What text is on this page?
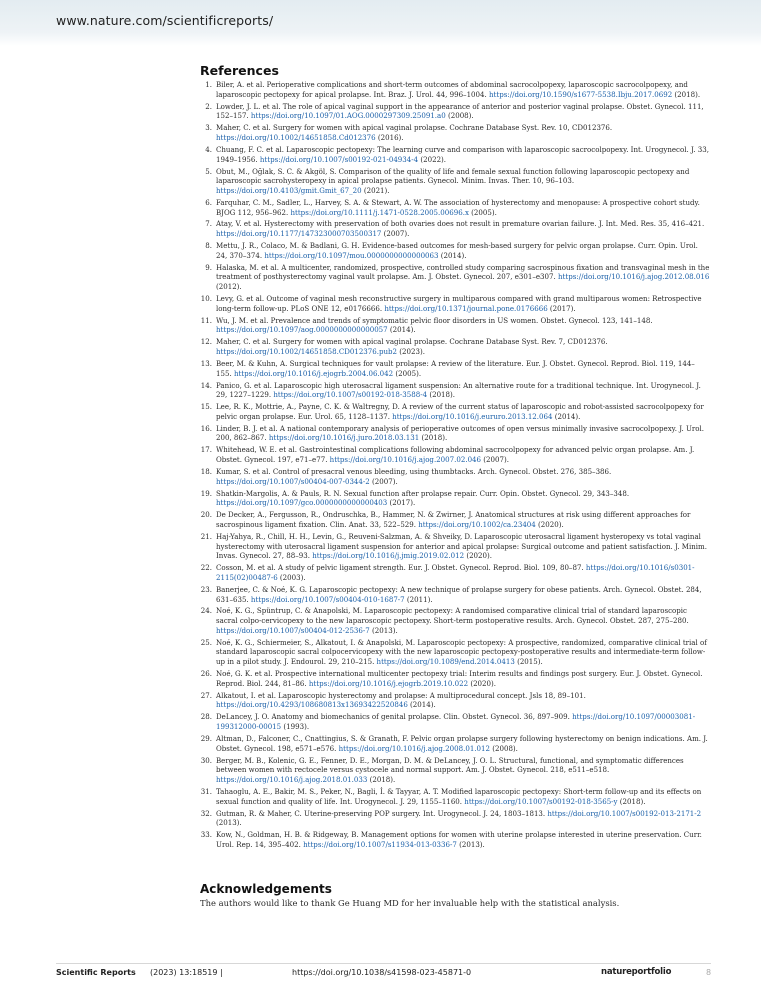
www.nature.com/scientificreports/
References
1. Biler, A. et al. Perioperative complications and short-term outcomes of abdominal sacrocolpopexy, laparoscopic sacrocolpopexy, and laparoscopic pectopexy for apical prolapse. Int. Braz. J. Urol. 44, 996–1004. https://doi.org/10.1590/s1677-5538.Ibju.2017.0692 (2018).
2. Lowder, J. L. et al. The role of apical vaginal support in the appearance of anterior and posterior vaginal prolapse. Obstet. Gynecol. 111, 152–157. https://doi.org/10.1097/01.AOG.0000297309.25091.a0 (2008).
3. Maher, C. et al. Surgery for women with apical vaginal prolapse. Cochrane Database Syst. Rev. 10, CD012376. https://doi.org/10.1002/14651858.Cd012376 (2016).
4. Chuang, F. C. et al. Laparoscopic pectopexy: The learning curve and comparison with laparoscopic sacrocolpopexy. Int. Urogynecol. J. 33, 1949–1956. https://doi.org/10.1007/s00192-021-04934-4 (2022).
5. Obut, M., Oğlak, S. C. & Akgöl, S. Comparison of the quality of life and female sexual function following laparoscopic pectopexy and laparoscopic sacrohysteropexy in apical prolapse patients. Gynecol. Minim. Invas. Ther. 10, 96–103. https://doi.org/10.4103/gmit.Gmit_67_20 (2021).
6. Farquhar, C. M., Sadler, L., Harvey, S. A. & Stewart, A. W. The association of hysterectomy and menopause: A prospective cohort study. BJOG 112, 956–962. https://doi.org/10.1111/j.1471-0528.2005.00696.x (2005).
7. Atay, V. et al. Hysterectomy with preservation of both ovaries does not result in premature ovarian failure. J. Int. Med. Res. 35, 416–421. https://doi.org/10.1177/147323000703500317 (2007).
8. Mettu, J. R., Colaco, M. & Badlani, G. H. Evidence-based outcomes for mesh-based surgery for pelvic organ prolapse. Curr. Opin. Urol. 24, 370–374. https://doi.org/10.1097/mou.0000000000000063 (2014).
9. Halaska, M. et al. A multicenter, randomized, prospective, controlled study comparing sacrospinous fixation and transvaginal mesh in the treatment of posthysterectomy vaginal vault prolapse. Am. J. Obstet. Gynecol. 207, e301–e307. https://doi.org/10.1016/j.ajog.2012.08.016 (2012).
10. Levy, G. et al. Outcome of vaginal mesh reconstructive surgery in multiparous compared with grand multiparous women: Retrospective long-term follow-up. PLoS ONE 12, e0176666. https://doi.org/10.1371/journal.pone.0176666 (2017).
11. Wu, J. M. et al. Prevalence and trends of symptomatic pelvic floor disorders in US women. Obstet. Gynecol. 123, 141–148. https://doi.org/10.1097/aog.0000000000000057 (2014).
12. Maher, C. et al. Surgery for women with apical vaginal prolapse. Cochrane Database Syst. Rev. 7, CD012376. https://doi.org/10.1002/14651858.CD012376.pub2 (2023).
13. Beer, M. & Kuhn, A. Surgical techniques for vault prolapse: A review of the literature. Eur. J. Obstet. Gynecol. Reprod. Biol. 119, 144–155. https://doi.org/10.1016/j.ejogrb.2004.06.042 (2005).
14. Panico, G. et al. Laparoscopic high uterosacral ligament suspension: An alternative route for a traditional technique. Int. Urogynecol. J. 29, 1227–1229. https://doi.org/10.1007/s00192-018-3588-4 (2018).
15. Lee, R. K., Mottrie, A., Payne, C. K. & Waltregny, D. A review of the current status of laparoscopic and robot-assisted sacrocolpopexy for pelvic organ prolapse. Eur. Urol. 65, 1128–1137. https://doi.org/10.1016/j.eururo.2013.12.064 (2014).
16. Linder, B. J. et al. A national contemporary analysis of perioperative outcomes of open versus minimally invasive sacrocolpopexy. J. Urol. 200, 862–867. https://doi.org/10.1016/j.juro.2018.03.131 (2018).
17. Whitehead, W. E. et al. Gastrointestinal complications following abdominal sacrocolpopexy for advanced pelvic organ prolapse. Am. J. Obstet. Gynecol. 197, e71–e77. https://doi.org/10.1016/j.ajog.2007.02.046 (2007).
18. Kumar, S. et al. Control of presacral venous bleeding, using thumbtacks. Arch. Gynecol. Obstet. 276, 385–386. https://doi.org/10.1007/s00404-007-0344-2 (2007).
19. Shatkin-Margolis, A. & Pauls, R. N. Sexual function after prolapse repair. Curr. Opin. Obstet. Gynecol. 29, 343–348. https://doi.org/10.1097/gco.0000000000000403 (2017).
20. De Decker, A., Fergusson, R., Ondruschka, B., Hammer, N. & Zwirner, J. Anatomical structures at risk using different approaches for sacrospinous ligament fixation. Clin. Anat. 33, 522–529. https://doi.org/10.1002/ca.23404 (2020).
21. Haj-Yahya, R., Chill, H. H., Levin, G., Reuveni-Salzman, A. & Shveiky, D. Laparoscopic uterosacral ligament hysteropexy vs total vaginal hysterectomy with uterosacral ligament suspension for anterior and apical prolapse: Surgical outcome and patient satisfaction. J. Minim. Invas. Gynecol. 27, 88–93. https://doi.org/10.1016/j.jmig.2019.02.012 (2020).
22. Cosson, M. et al. A study of pelvic ligament strength. Eur. J. Obstet. Gynecol. Reprod. Biol. 109, 80–87. https://doi.org/10.1016/s0301-2115(02)00487-6 (2003).
23. Banerjee, C. & Noé, K. G. Laparoscopic pectopexy: A new technique of prolapse surgery for obese patients. Arch. Gynecol. Obstet. 284, 631–635. https://doi.org/10.1007/s00404-010-1687-7 (2011).
24. Noé, K. G., Spüntrup, C. & Anapolski, M. Laparoscopic pectopexy: A randomised comparative clinical trial of standard laparoscopic sacral colpo-cervicopexy to the new laparoscopic pectopexy. Short-term postoperative results. Arch. Gynecol. Obstet. 287, 275–280. https://doi.org/10.1007/s00404-012-2536-7 (2013).
25. Noé, K. G., Schiermeier, S., Alkatout, I. & Anapolski, M. Laparoscopic pectopexy: A prospective, randomized, comparative clinical trial of standard laparoscopic sacral colpocervicopexy with the new laparoscopic pectopexy-postoperative results and intermediate-term follow-up in a pilot study. J. Endourol. 29, 210–215. https://doi.org/10.1089/end.2014.0413 (2015).
26. Noé, G. K. et al. Prospective international multicenter pectopexy trial: Interim results and findings post surgery. Eur. J. Obstet. Gynecol. Reprod. Biol. 244, 81–86. https://doi.org/10.1016/j.ejogrb.2019.10.022 (2020).
27. Alkatout, I. et al. Laparoscopic hysterectomy and prolapse: A multiprocedural concept. Jsls 18, 89–101. https://doi.org/10.4293/108680813x13693422520846 (2014).
28. DeLancey, J. O. Anatomy and biomechanics of genital prolapse. Clin. Obstet. Gynecol. 36, 897–909. https://doi.org/10.1097/00003081-199312000-00015 (1993).
29. Altman, D., Falconer, C., Cnattingius, S. & Granath, F. Pelvic organ prolapse surgery following hysterectomy on benign indications. Am. J. Obstet. Gynecol. 198, e571–e576. https://doi.org/10.1016/j.ajog.2008.01.012 (2008).
30. Berger, M. B., Kolenic, G. E., Fenner, D. E., Morgan, D. M. & DeLancey, J. O. L. Structural, functional, and symptomatic differences between women with rectocele versus cystocele and normal support. Am. J. Obstet. Gynecol. 218, e511–e518. https://doi.org/10.1016/j.ajog.2018.01.033 (2018).
31. Tahaoglu, A. E., Bakir, M. S., Peker, N., Bagli, İ. & Tayyar, A. T. Modified laparoscopic pectopexy: Short-term follow-up and its effects on sexual function and quality of life. Int. Urogynecol. J. 29, 1155–1160. https://doi.org/10.1007/s00192-018-3565-y (2018).
32. Gutman, R. & Maher, C. Uterine-preserving POP surgery. Int. Urogynecol. J. 24, 1803–1813. https://doi.org/10.1007/s00192-013-2171-2 (2013).
33. Kow, N., Goldman, H. B. & Ridgeway, B. Management options for women with uterine prolapse interested in uterine preservation. Curr. Urol. Rep. 14, 395–402. https://doi.org/10.1007/s11934-013-0336-7 (2013).
Acknowledgements

The authors would like to thank Ge Huang MD for her invaluable help with the statistical analysis.

Scientific Reports (2023) 13:18519 |	https://doi.org/10.1038/s41598-023-45871-0	natureportfolio	8
